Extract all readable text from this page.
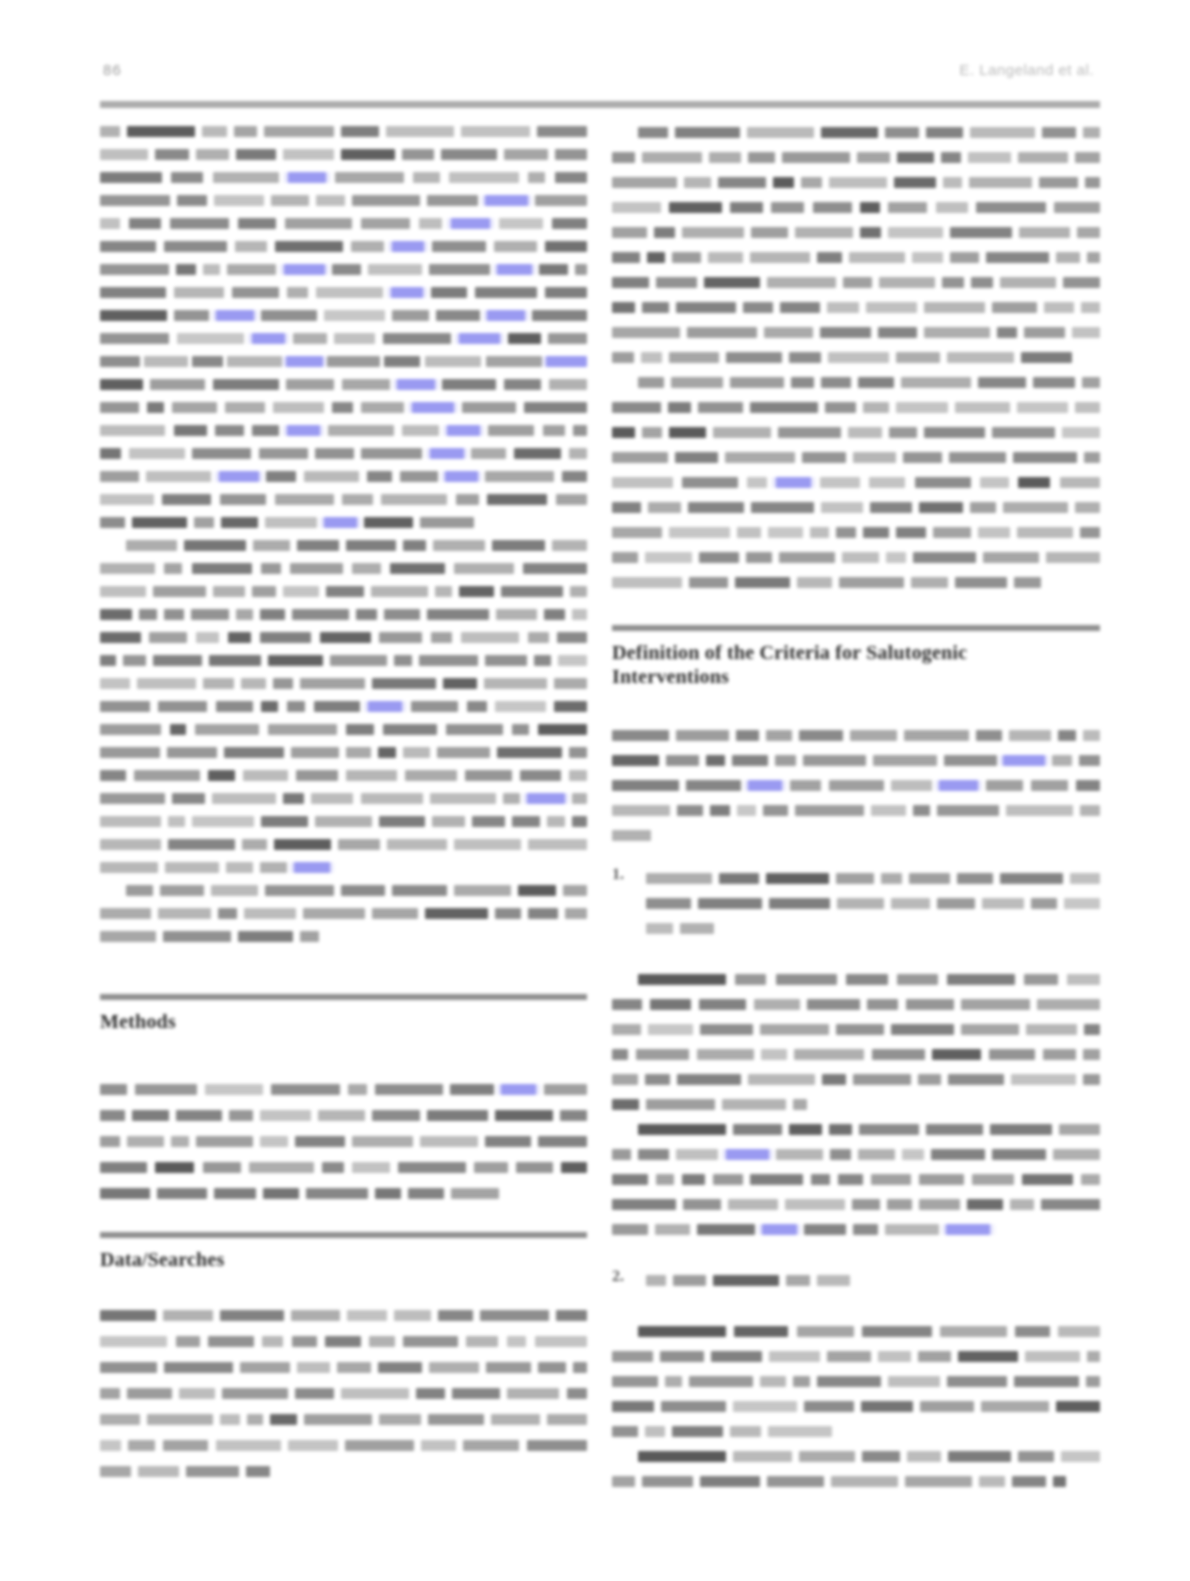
86	E. Langeland et al.
Methods
Data/Searches
Definition of the Criteria for Salutogenic
Interventions
1.
2.
